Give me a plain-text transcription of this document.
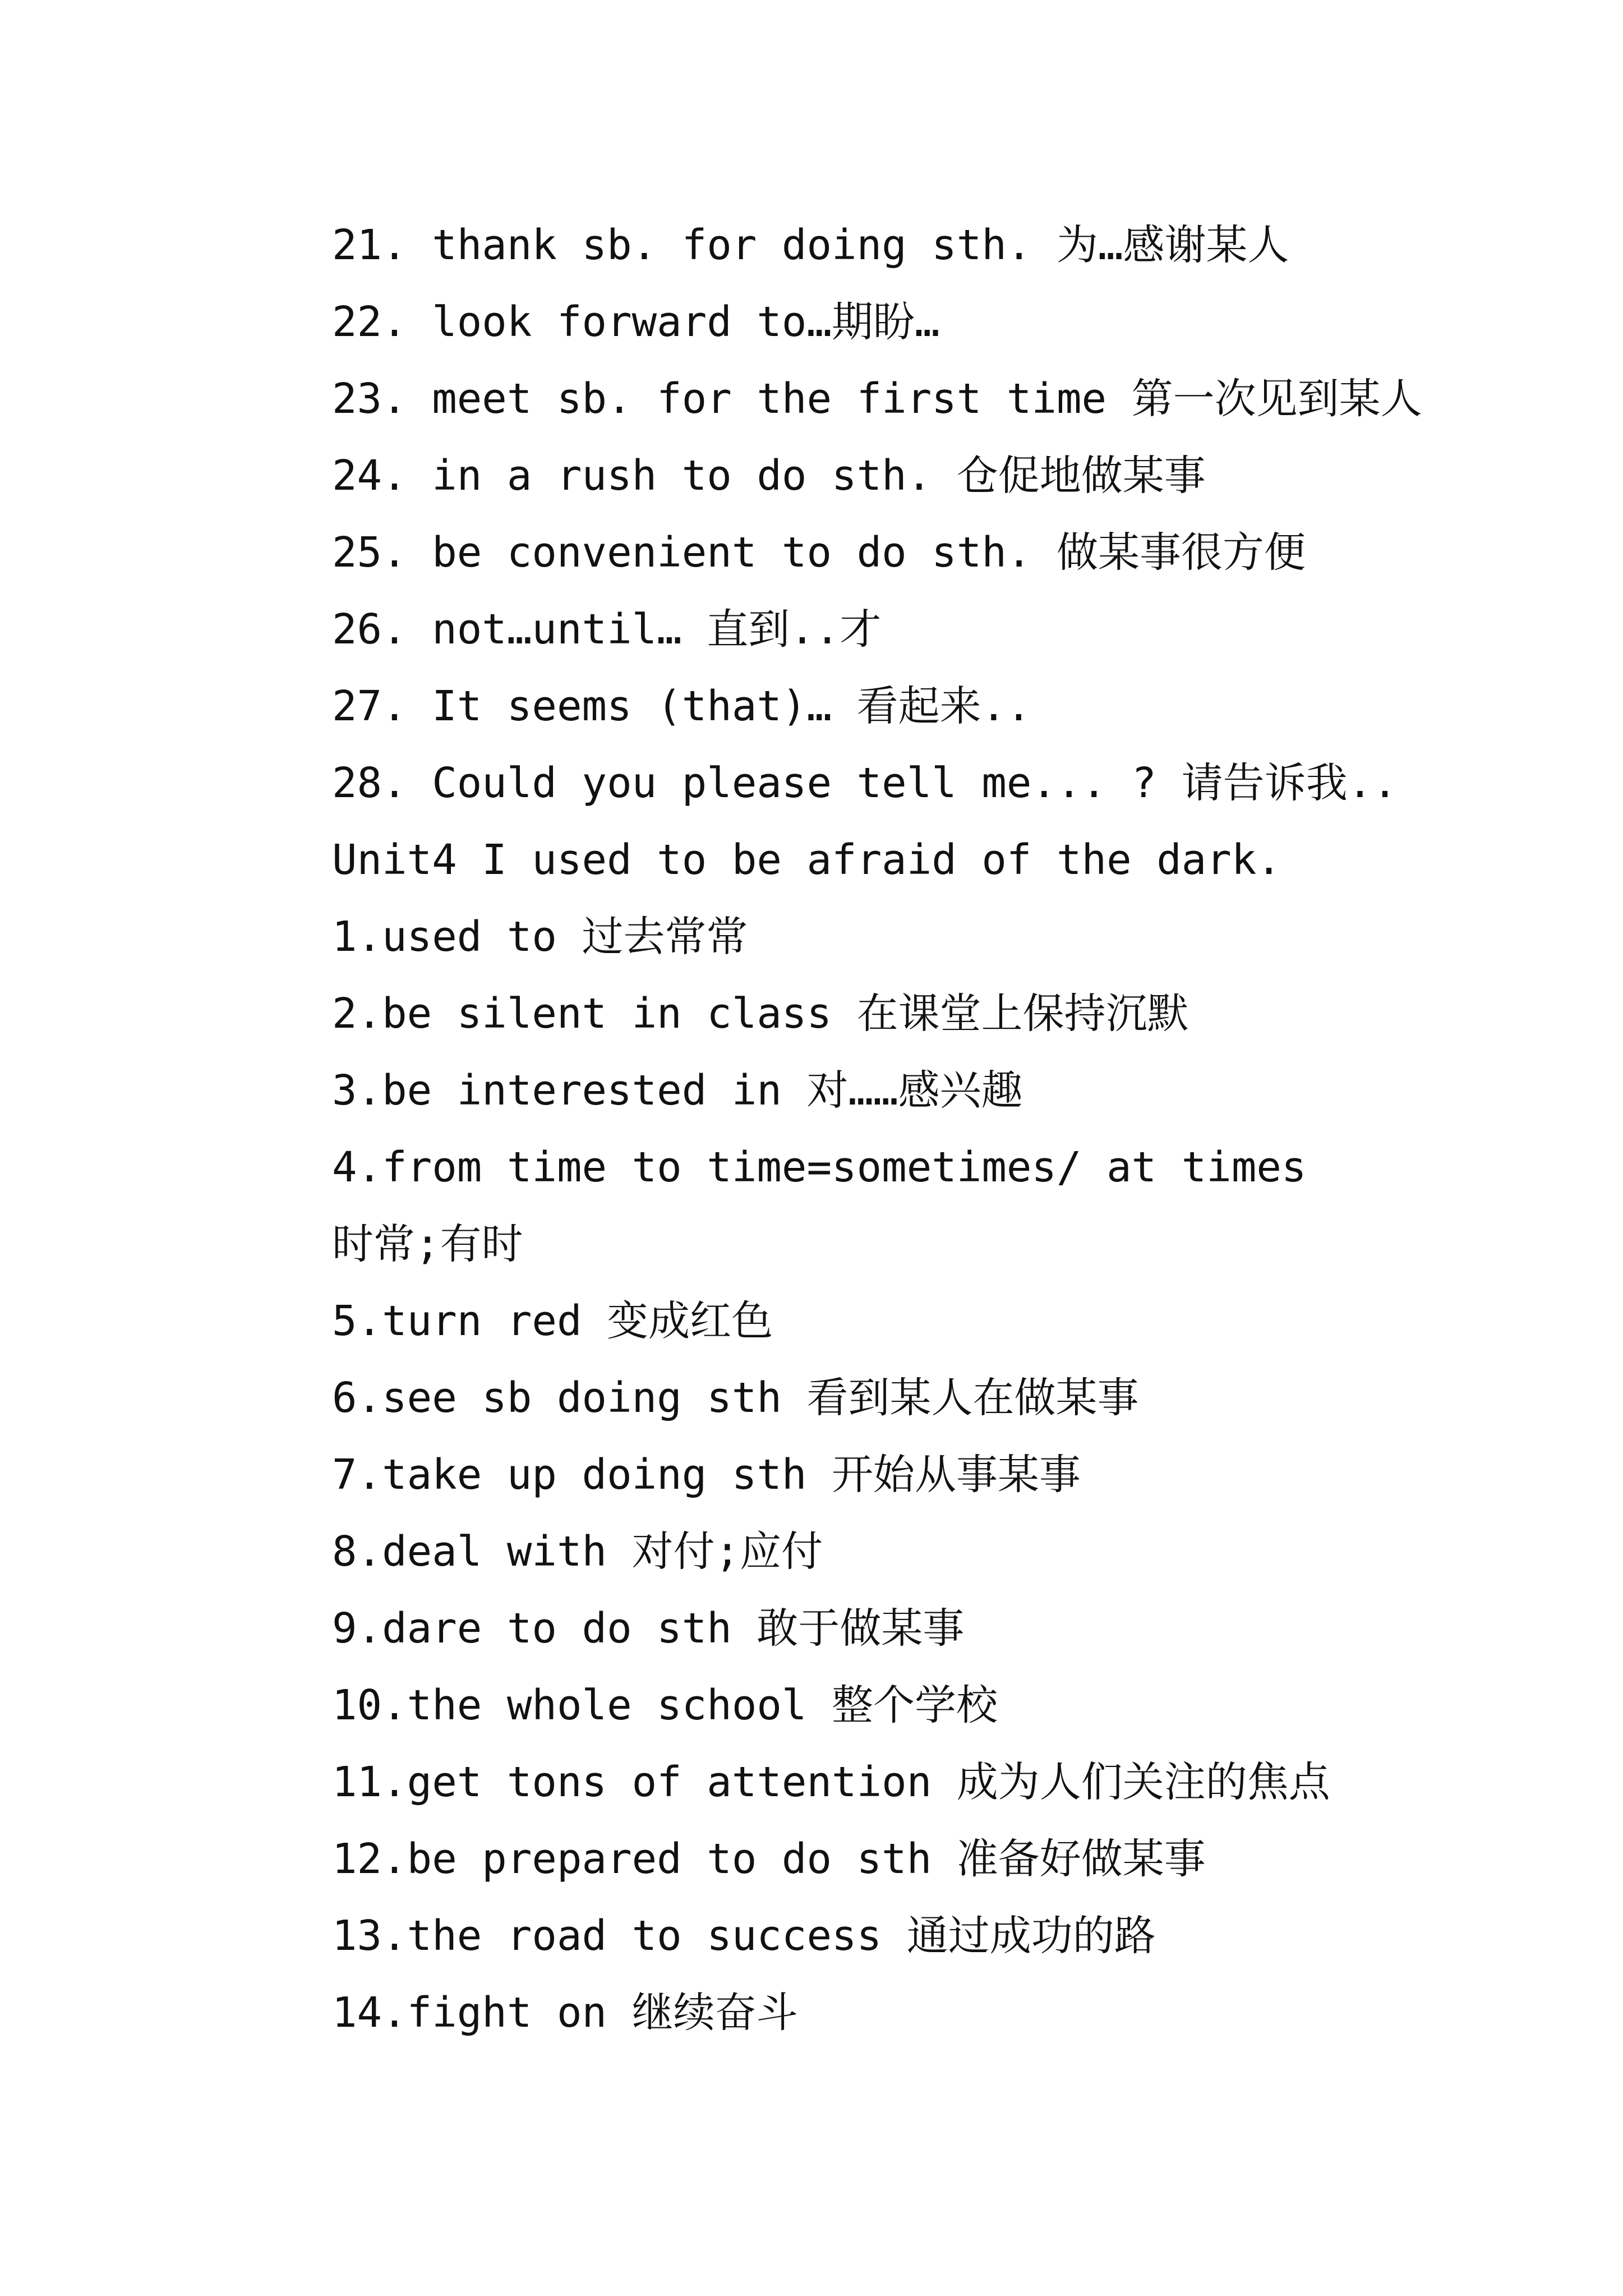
21. thank sb. for doing sth. 为…感谢某人
22. look forward to…期盼…
23. meet sb. for the first time 第一次见到某人
24. in a rush to do sth. 仓促地做某事
25. be convenient to do sth. 做某事很方便
26. not…until… 直到..才
27. It seems (that)… 看起来..
28. Could you please tell me... ? 请告诉我..
Unit4 I used to be afraid of the dark.
1.used to 过去常常
2.be silent in class 在课堂上保持沉默
3.be interested in 对……感兴趣
4.from time to time=sometimes/ at times
时常;有时
5.turn red 变成红色
6.see sb doing sth 看到某人在做某事
7.take up doing sth 开始从事某事
8.deal with 对付;应付
9.dare to do sth 敢于做某事
10.the whole school 整个学校
11.get tons of attention 成为人们关注的焦点
12.be prepared to do sth 准备好做某事
13.the road to success 通过成功的路
14.fight on 继续奋斗
